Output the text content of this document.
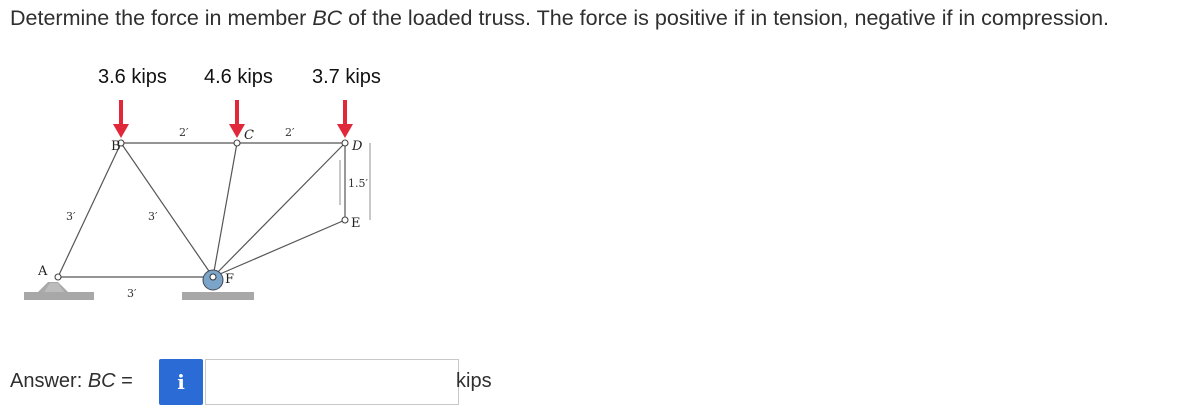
Determine the force in member BC of the loaded truss. The force is positive if in tension, negative if in compression.
3.6 kips 4.6 kips 3.7 kips
B
C
D
E
A
F
2′	2′
1.5′
3′	3′
3′
Answer: BC =	i	kips
